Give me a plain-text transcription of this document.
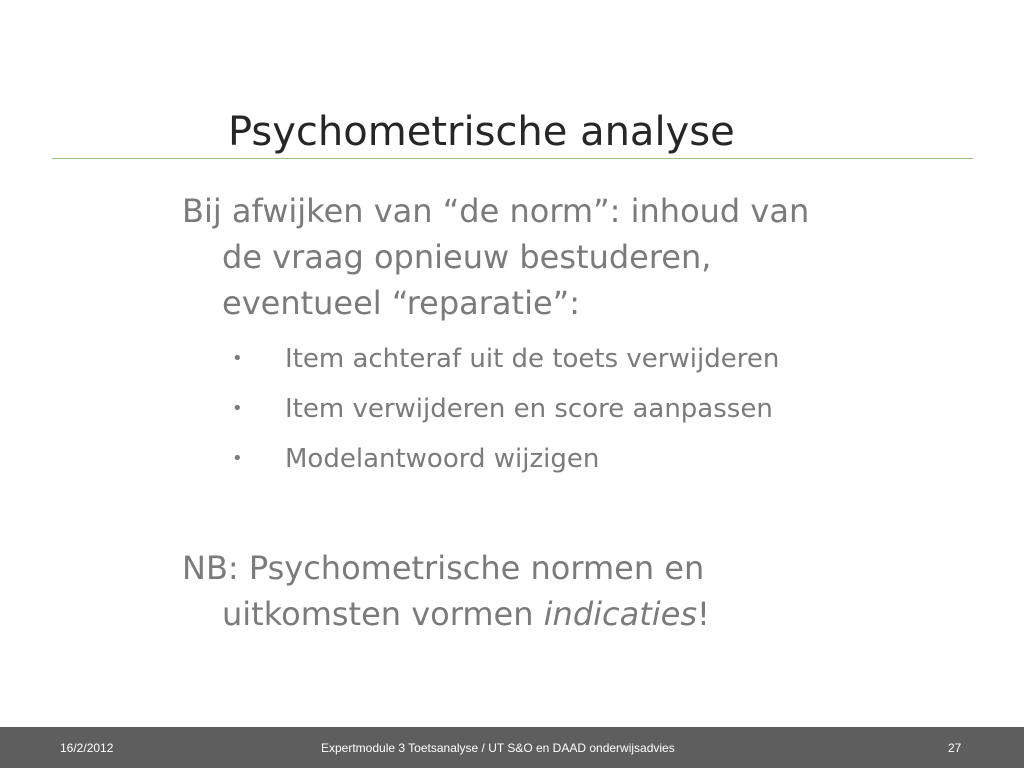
Psychometrische analyse
Bij afwijken van “de norm”: inhoud van
de vraag opnieuw bestuderen,
eventueel “reparatie”:
• Item achteraf uit de toets verwijderen
• Item verwijderen en score aanpassen
• Modelantwoord wijzigen
NB: Psychometrische normen en
uitkomsten vormen indicaties!
16/2/2012	Expertmodule 3 Toetsanalyse / UT S&O en DAAD onderwijsadvies	27
